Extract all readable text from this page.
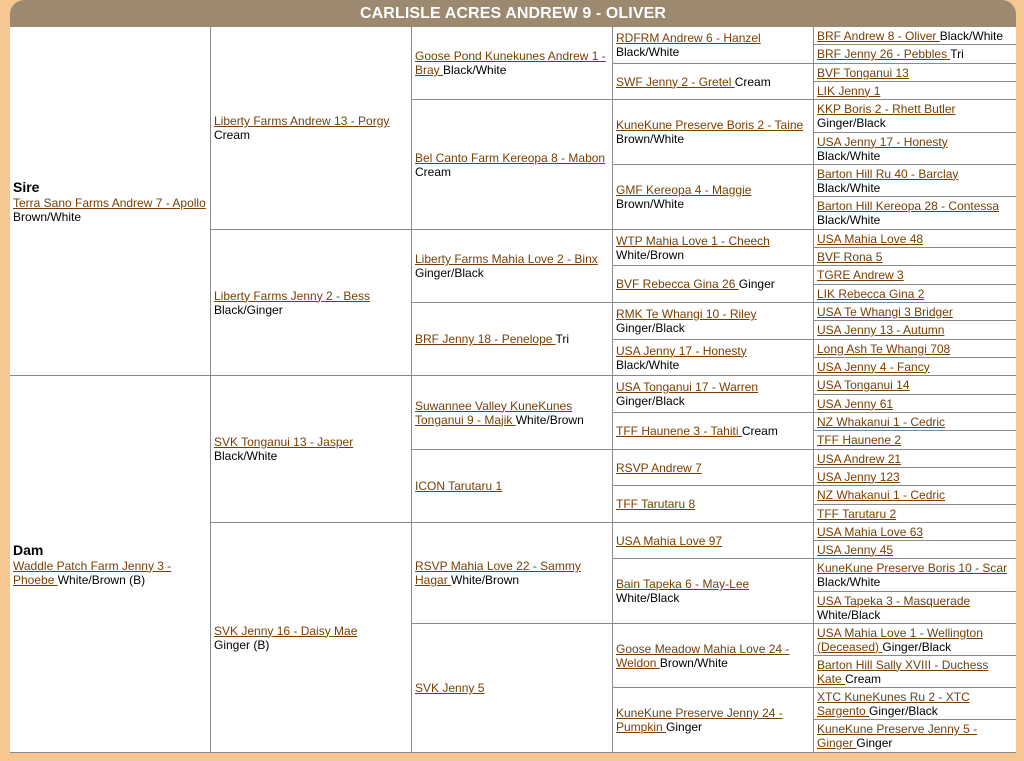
CARLISLE ACRES ANDREW 9 - OLIVER
Sire
Terra Sano Farms Andrew 7 - Apollo
Brown/White
Dam
Waddle Patch Farm Jenny 3 - Phoebe White/Brown (B)
Liberty Farms Andrew 13 - Porgy
Cream
Liberty Farms Jenny 2 - Bess
Black/Ginger
SVK Tonganui 13 - Jasper
Black/White
SVK Jenny 16 - Daisy Mae
Ginger (B)
Goose Pond Kunekunes Andrew 1 - Bray Black/White
Bel Canto Farm Kereopa 8 - Mabon
Cream
Liberty Farms Mahia Love 2 - Binx
Ginger/Black
BRF Jenny 18 - Penelope Tri
Suwannee Valley KuneKunes Tonganui 9 - Majik White/Brown
ICON Tarutaru 1
RSVP Mahia Love 22 - Sammy Hagar White/Brown
SVK Jenny 5
RDFRM Andrew 6 - Hanzel
Black/White
SWF Jenny 2 - Gretel Cream
KuneKune Preserve Boris 2 - Taine
Brown/White
GMF Kereopa 4 - Maggie
Brown/White
WTP Mahia Love 1 - Cheech
White/Brown
BVF Rebecca Gina 26 Ginger
RMK Te Whangi 10 - Riley
Ginger/Black
USA Jenny 17 - Honesty
Black/White
USA Tonganui 17 - Warren
Ginger/Black
TFF Haunene 3 - Tahiti Cream
RSVP Andrew 7
TFF Tarutaru 8
USA Mahia Love 97
Bain Tapeka 6 - May-Lee
White/Black
Goose Meadow Mahia Love 24 - Weldon Brown/White
KuneKune Preserve Jenny 24 - Pumpkin Ginger
BRF Andrew 8 - Oliver Black/White
BRF Jenny 26 - Pebbles Tri
BVF Tonganui 13
LIK Jenny 1
KKP Boris 2 - Rhett Butler
Ginger/Black
USA Jenny 17 - Honesty
Black/White
Barton Hill Ru 40 - Barclay
Black/White
Barton Hill Kereopa 28 - Contessa
Black/White
USA Mahia Love 48
BVF Rona 5
TGRE Andrew 3
LIK Rebecca Gina 2
USA Te Whangi 3 Bridger
USA Jenny 13 - Autumn
Long Ash Te Whangi 708
USA Jenny 4 - Fancy
USA Tonganui 14
USA Jenny 61
NZ Whakanui 1 - Cedric
TFF Haunene 2
USA Andrew 21
USA Jenny 123
NZ Whakanui 1 - Cedric
TFF Tarutaru 2
USA Mahia Love 63
USA Jenny 45
KuneKune Preserve Boris 10 - Scar
Black/White
USA Tapeka 3 - Masquerade
White/Black
USA Mahia Love 1 - Wellington (Deceased) Ginger/Black
Barton Hill Sally XVIII - Duchess Kate Cream
XTC KuneKunes Ru 2 - XTC Sargento Ginger/Black
KuneKune Preserve Jenny 5 - Ginger Ginger
